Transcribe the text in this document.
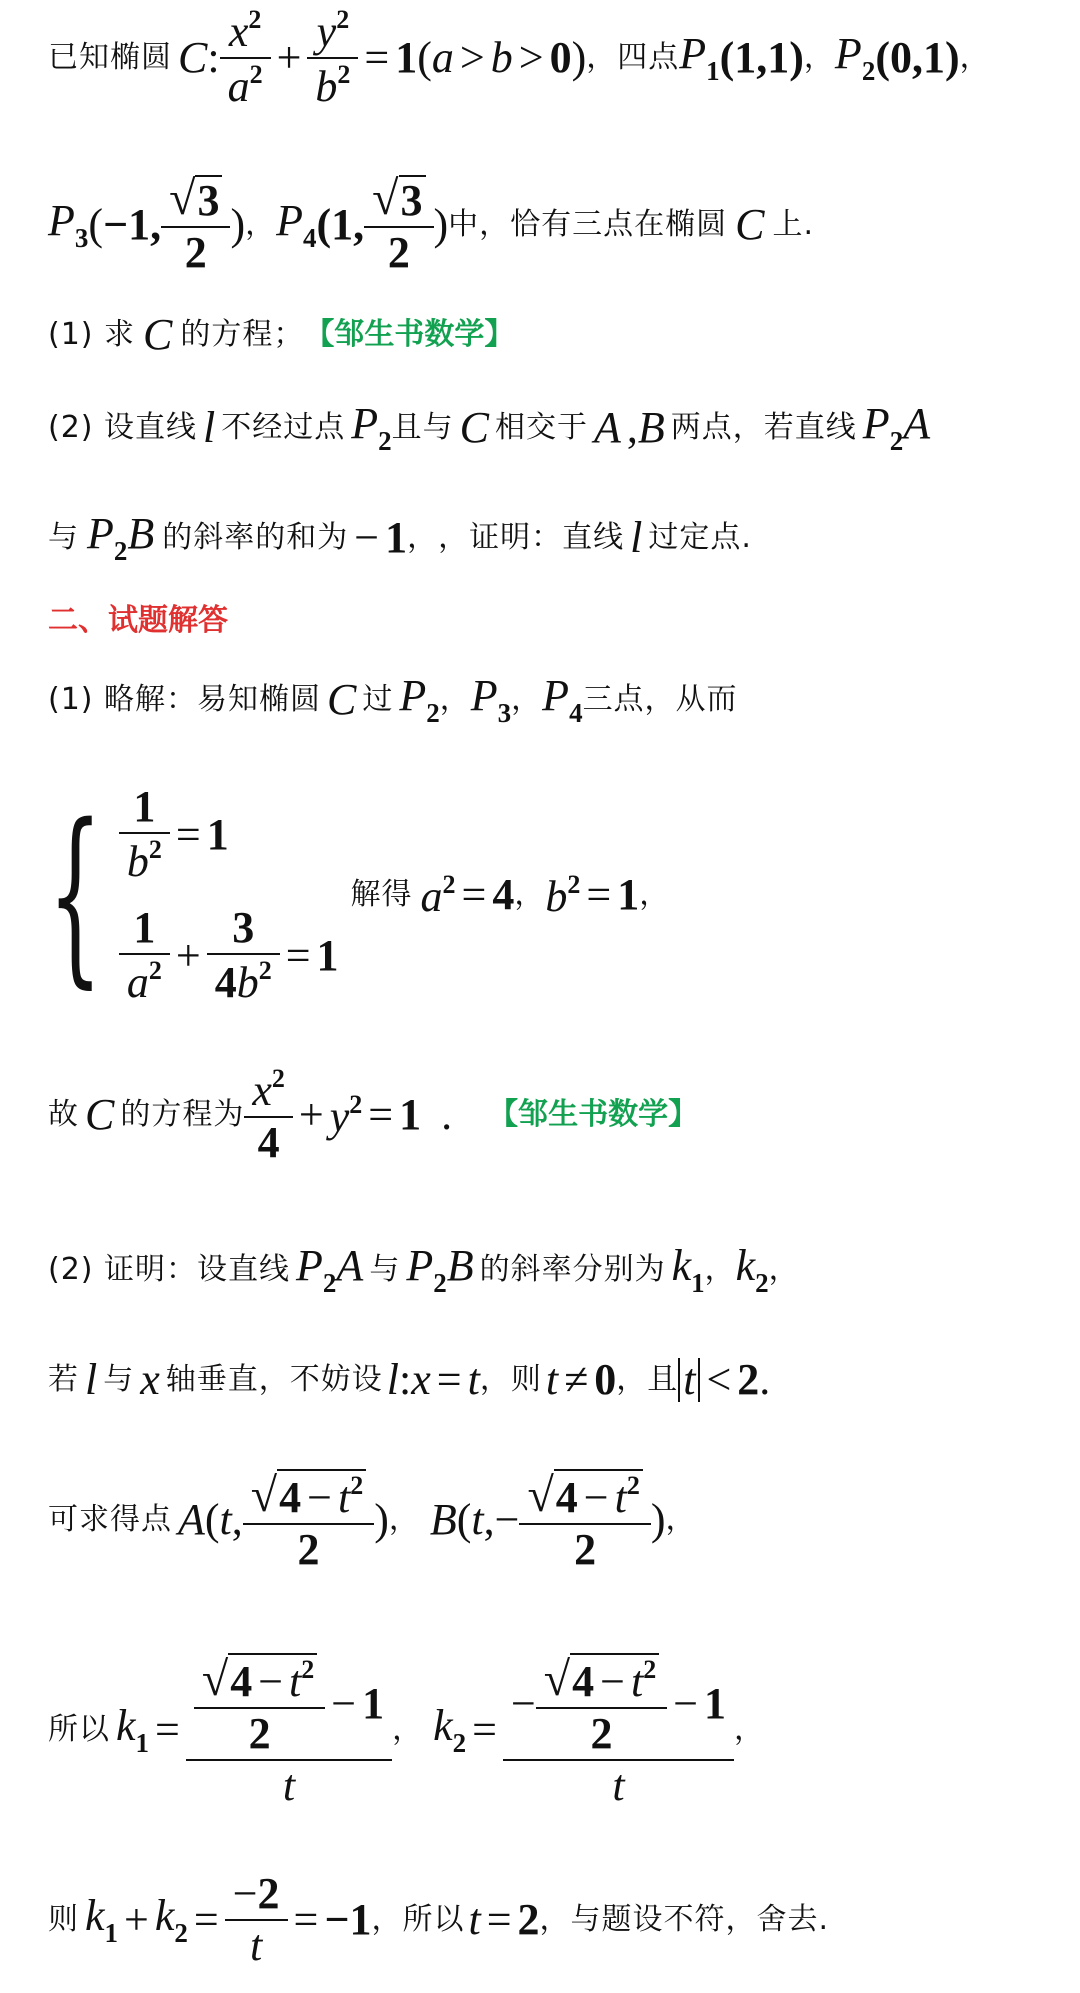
已知椭圆 C : $\frac{x^2}{a^2} + \frac{y^2}{b^2} = 1$ ( a > b > 0 ) ，四点 $P_1$ (1,1) ， $P_2$ (0,1) ，
$P_3$ ( −1, $\frac{√ 3}{2}$ ) ， $P_4$ (1, $\frac{√ 3}{2}$ ) 中，恰有三点在椭圆 C 上.
(1) 求 C 的方程； 【邹生书数学】
(2) 设直线 l 不经过点 $P_2$ 且与 C 相交于 A , B 两点，若直线 $P_2A$
与 $P_2B$ 的斜率的和为 − 1 ， ，证明：直线 l 过定点.
二、试题解答
(1) 略解：易知椭圆 C 过 $P_2$ ， $P_3$ ， $P_4$ 三点，从而
{ $\frac{1}{b^2} = 1$
$\frac{1}{a^2} + \frac{3}{4b^2} = 1$
解得 $a^2 = 4$ ， $b^2 = 1$ ，
故 C 的方程为 $\frac{x^2}{4} + y^2 = 1$ . 【邹生书数学】
(2) 证明：设直线 $P_2A$ 与 $P_2B$ 的斜率分别为 $k_1$ ， $k_2$ ，
若 l 与 x 轴垂直，不妨设 l : x = t ，则 t ≠ 0 ，且 t < 2 .
可求得点 A ( t , $\frac{√ 4 - t^2}{2}$ ) ， B ( t ,− $\frac{√ 4 - t^2}{2}$ ) ，
所以 $k_1 = \frac{\frac{√ 4 - t^2}{2} - 1}{t}$ ， $k_2 = \frac{- \frac{√ 4 - t^2}{2} - 1}{t}$ ，
则 $k_1 + k_2 = \frac{-2}{t} = -1$ ，所以 t = 2 ，与题设不符，舍去.
